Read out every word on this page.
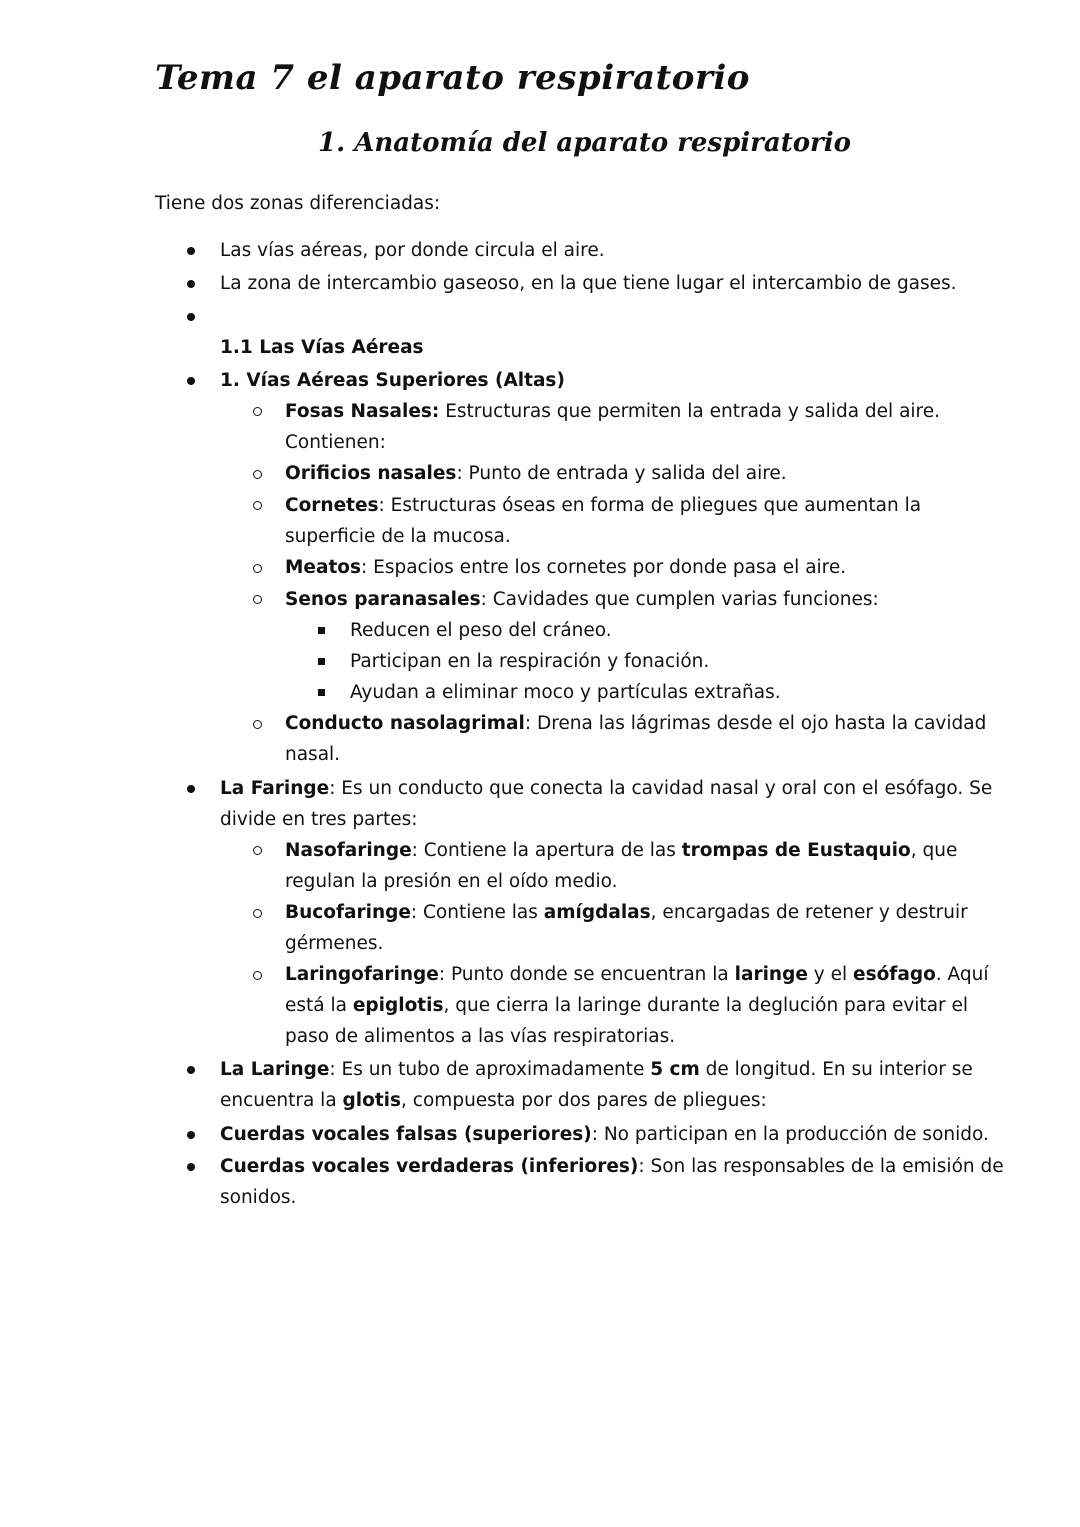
Tema 7 el aparato respiratorio
1. Anatomía del aparato respiratorio
Tiene dos zonas diferenciadas:
Las vías aéreas, por donde circula el aire.
La zona de intercambio gaseoso, en la que tiene lugar el intercambio de gases.
1.1 Las Vías Aéreas
1. Vías Aéreas Superiores (Altas)
Fosas Nasales: Estructuras que permiten la entrada y salida del aire.
Contienen:
Orificios nasales: Punto de entrada y salida del aire.
Cornetes: Estructuras óseas en forma de pliegues que aumentan la
superficie de la mucosa.
Meatos: Espacios entre los cornetes por donde pasa el aire.
Senos paranasales: Cavidades que cumplen varias funciones:
Reducen el peso del cráneo.
Participan en la respiración y fonación.
Ayudan a eliminar moco y partículas extrañas.
Conducto nasolagrimal: Drena las lágrimas desde el ojo hasta la cavidad
nasal.
La Faringe: Es un conducto que conecta la cavidad nasal y oral con el esófago. Se
divide en tres partes:
Nasofaringe: Contiene la apertura de las trompas de Eustaquio, que
regulan la presión en el oído medio.
Bucofaringe: Contiene las amígdalas, encargadas de retener y destruir
gérmenes.
Laringofaringe: Punto donde se encuentran la laringe y el esófago. Aquí
está la epiglotis, que cierra la laringe durante la deglución para evitar el
paso de alimentos a las vías respiratorias.
La Laringe: Es un tubo de aproximadamente 5 cm de longitud. En su interior se
encuentra la glotis, compuesta por dos pares de pliegues:
Cuerdas vocales falsas (superiores): No participan en la producción de sonido.
Cuerdas vocales verdaderas (inferiores): Son las responsables de la emisión de
sonidos.
